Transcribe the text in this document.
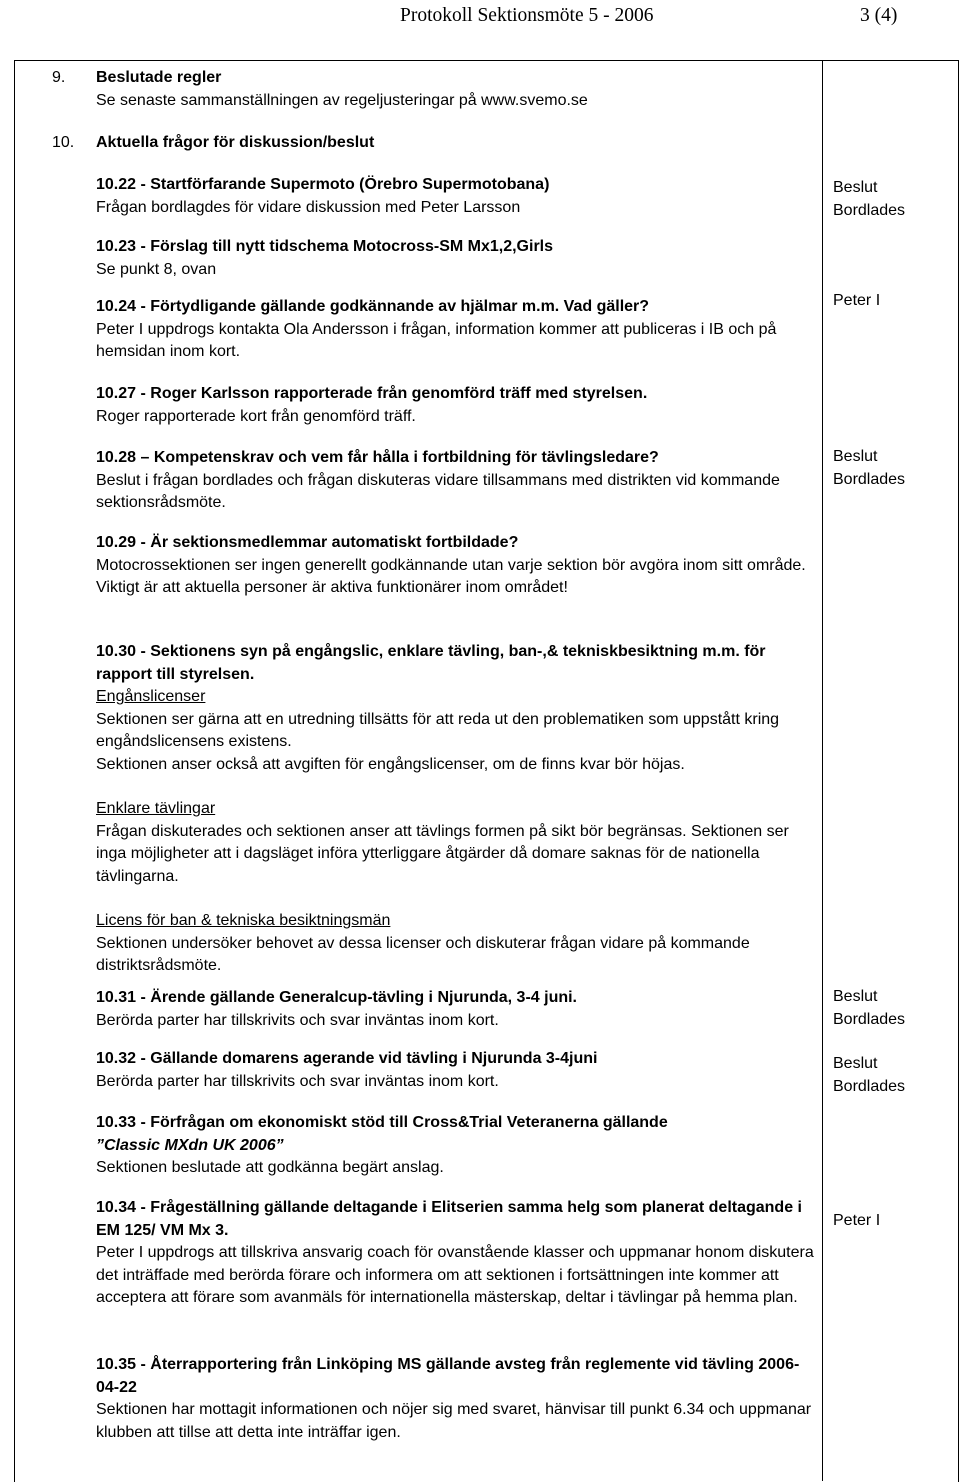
Protokoll Sektionsmöte 5 - 2006	3 (4)
9. Beslutade regler

Se senaste sammanställningen av regeljusteringar på www.svemo.se

10. Aktuella frågor för diskussion/beslut

10.22 - Startförfarande Supermoto (Örebro Supermotobana)

Frågan bordlagdes för vidare diskussion med Peter Larsson

Beslut

Bordlades

10.23 - Förslag till nytt tidschema Motocross-SM Mx1,2,Girls

Se punkt 8, ovan

10.24 - Förtydligande gällande godkännande av hjälmar m.m. Vad gäller?

Peter I uppdrogs kontakta Ola Andersson i frågan, information kommer att publiceras i IB och på hemsidan inom kort.

Peter I

10.27 - Roger Karlsson rapporterade från genomförd träff med styrelsen.

Roger rapporterade kort från genomförd träff.

10.28 – Kompetenskrav och vem får hålla i fortbildning för tävlingsledare?

Beslut i frågan bordlades och frågan diskuteras vidare tillsammans med distrikten vid kommande sektionsrådsmöte.

Beslut

Bordlades

10.29 - Är sektionsmedlemmar automatiskt fortbildade?

Motocrossektionen ser ingen generellt godkännande utan varje sektion bör avgöra inom sitt område. Viktigt är att aktuella personer är aktiva funktionärer inom området!

10.30 - Sektionens syn på engångslic, enklare tävling, ban-,& tekniskbesiktning m.m. för rapport till styrelsen.

Engånslicenser

Sektionen ser gärna att en utredning tillsätts för att reda ut den problematiken som uppstått kring engåndslicensens existens.

Sektionen anser också att avgiften för engångslicenser, om de finns kvar bör höjas.

Enklare tävlingar

Frågan diskuterades och sektionen anser att tävlings formen på sikt bör begränsas. Sektionen ser inga möjligheter att i dagsläget införa ytterliggare åtgärder då domare saknas för de nationella tävlingarna.

Licens för ban & tekniska besiktningsmän

Sektionen undersöker behovet av dessa licenser och diskuterar frågan vidare på kommande distriktsrådsmöte.

10.31 - Ärende gällande Generalcup-tävling i Njurunda, 3-4 juni.

Berörda parter har tillskrivits och svar inväntas inom kort.

Beslut

Bordlades

10.32 - Gällande domarens agerande vid tävling i Njurunda 3-4juni

Berörda parter har tillskrivits och svar inväntas inom kort.

Beslut

Bordlades

10.33 - Förfrågan om ekonomiskt stöd till Cross&Trial Veteranerna gällande

”Classic MXdn UK 2006”

Sektionen beslutade att godkänna begärt anslag.

10.34 - Frågeställning gällande deltagande i Elitserien samma helg som planerat deltagande i EM 125/ VM Mx 3.

Peter I uppdrogs att tillskriva ansvarig coach för ovanstående klasser och uppmanar honom diskutera det inträffade med berörda förare och informera om att sektionen i fortsättningen inte kommer att acceptera att förare som avanmäls för internationella mästerskap, deltar i tävlingar på hemma plan.

Peter I

10.35 - Återrapportering från Linköping MS gällande avsteg från reglemente vid tävling 2006-04-22

Sektionen har mottagit informationen och nöjer sig med svaret, hänvisar till punkt 6.34 och uppmanar klubben att tillse att detta inte inträffar igen.
